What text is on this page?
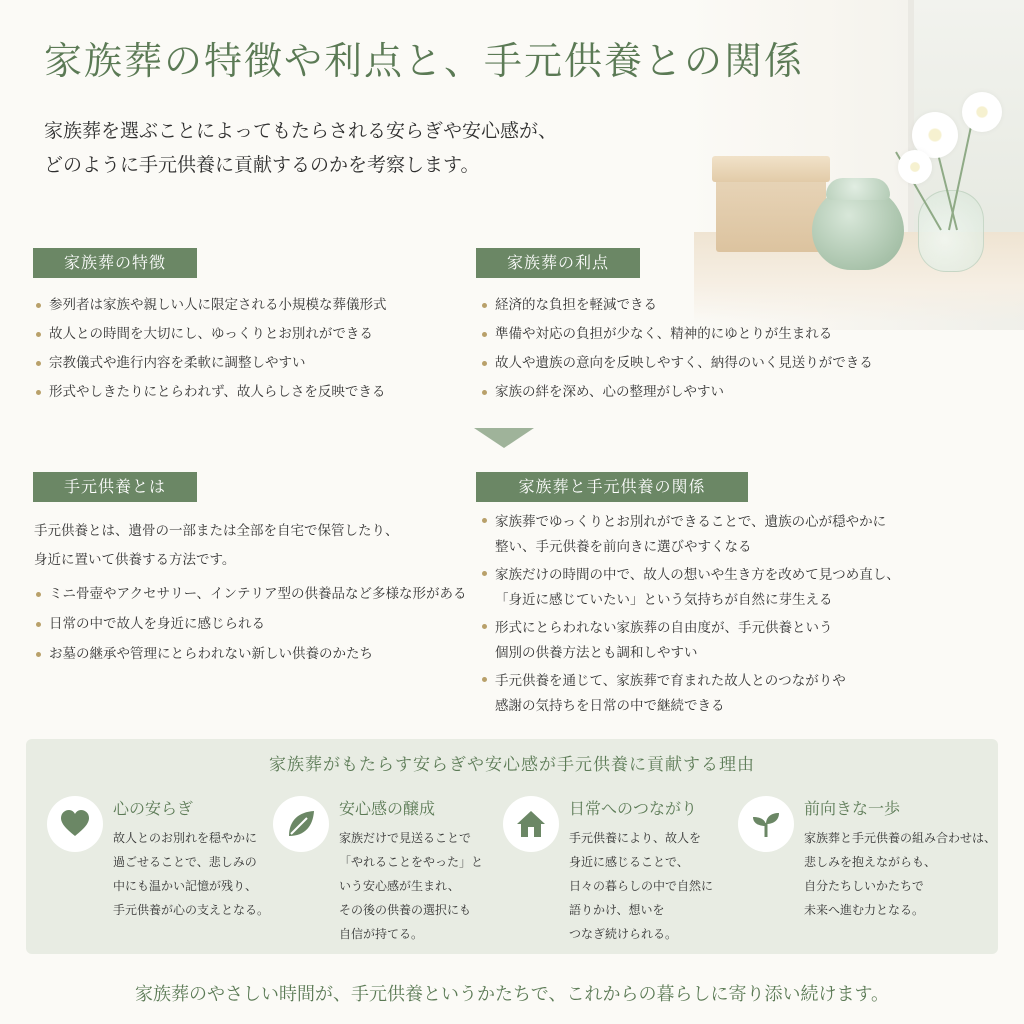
家族葬の特徴や利点と、手元供養との関係
家族葬を選ぶことによってもたらされる安らぎや安心感が、
どのように手元供養に貢献するのかを考察します。
家族葬の特徴
参列者は家族や親しい人に限定される小規模な葬儀形式
故人との時間を大切にし、ゆっくりとお別れができる
宗教儀式や進行内容を柔軟に調整しやすい
形式やしきたりにとらわれず、故人らしさを反映できる
家族葬の利点
経済的な負担を軽減できる
準備や対応の負担が少なく、精神的にゆとりが生まれる
故人や遺族の意向を反映しやすく、納得のいく見送りができる
家族の絆を深め、心の整理がしやすい
手元供養とは
手元供養とは、遺骨の一部または全部を自宅で保管したり、
身近に置いて供養する方法です。
ミニ骨壺やアクセサリー、インテリア型の供養品など多様な形がある
日常の中で故人を身近に感じられる
お墓の継承や管理にとらわれない新しい供養のかたち
家族葬と手元供養の関係
家族葬でゆっくりとお別れができることで、遺族の心が穏やかに
整い、手元供養を前向きに選びやすくなる
家族だけの時間の中で、故人の想いや生き方を改めて見つめ直し、
「身近に感じていたい」という気持ちが自然に芽生える
形式にとらわれない家族葬の自由度が、手元供養という
個別の供養方法とも調和しやすい
手元供養を通じて、家族葬で育まれた故人とのつながりや
感謝の気持ちを日常の中で継続できる
家族葬がもたらす安らぎや安心感が手元供養に貢献する理由
心の安らぎ
故人とのお別れを穏やかに
過ごせることで、悲しみの
中にも温かい記憶が残り、
手元供養が心の支えとなる。
安心感の醸成
家族だけで見送ることで
「やれることをやった」と
いう安心感が生まれ、
その後の供養の選択にも
自信が持てる。
日常へのつながり
手元供養により、故人を
身近に感じることで、
日々の暮らしの中で自然に
語りかけ、想いを
つなぎ続けられる。
前向きな一歩
家族葬と手元供養の組み合わせは、
悲しみを抱えながらも、
自分たちしいかたちで
未来へ進む力となる。
家族葬のやさしい時間が、手元供養というかたちで、これからの暮らしに寄り添い続けます。
